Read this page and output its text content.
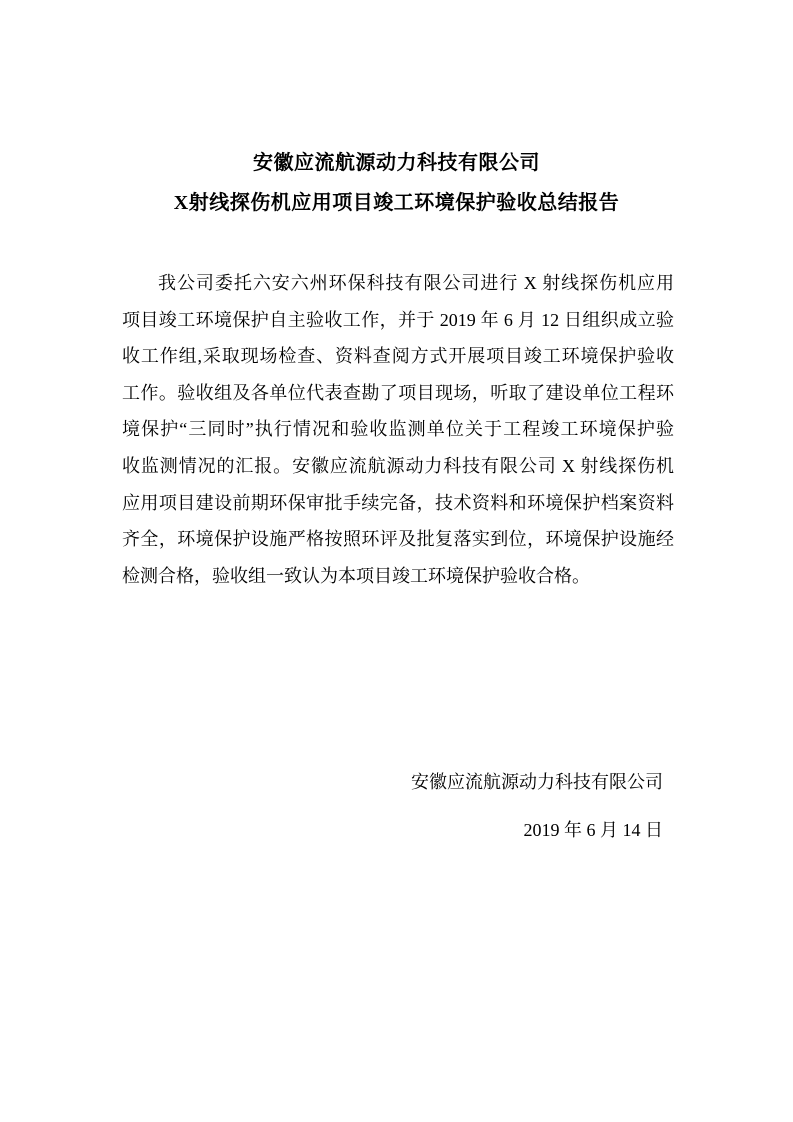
安徽应流航源动力科技有限公司
X射线探伤机应用项目竣工环境保护验收总结报告
我公司委托六安六州环保科技有限公司进行 X 射线探伤机应用
项目竣工环境保护自主验收工作，并于 2019 年 6 月 12 日组织成立验
收工作组,采取现场检查、资料查阅方式开展项目竣工环境保护验收
工作。验收组及各单位代表查勘了项目现场，听取了建设单位工程环
境保护“三同时”执行情况和验收监测单位关于工程竣工环境保护验
收监测情况的汇报。安徽应流航源动力科技有限公司 X 射线探伤机
应用项目建设前期环保审批手续完备，技术资料和环境保护档案资料
齐全，环境保护设施严格按照环评及批复落实到位，环境保护设施经
检测合格，验收组一致认为本项目竣工环境保护验收合格。
安徽应流航源动力科技有限公司
2019 年 6 月 14 日
